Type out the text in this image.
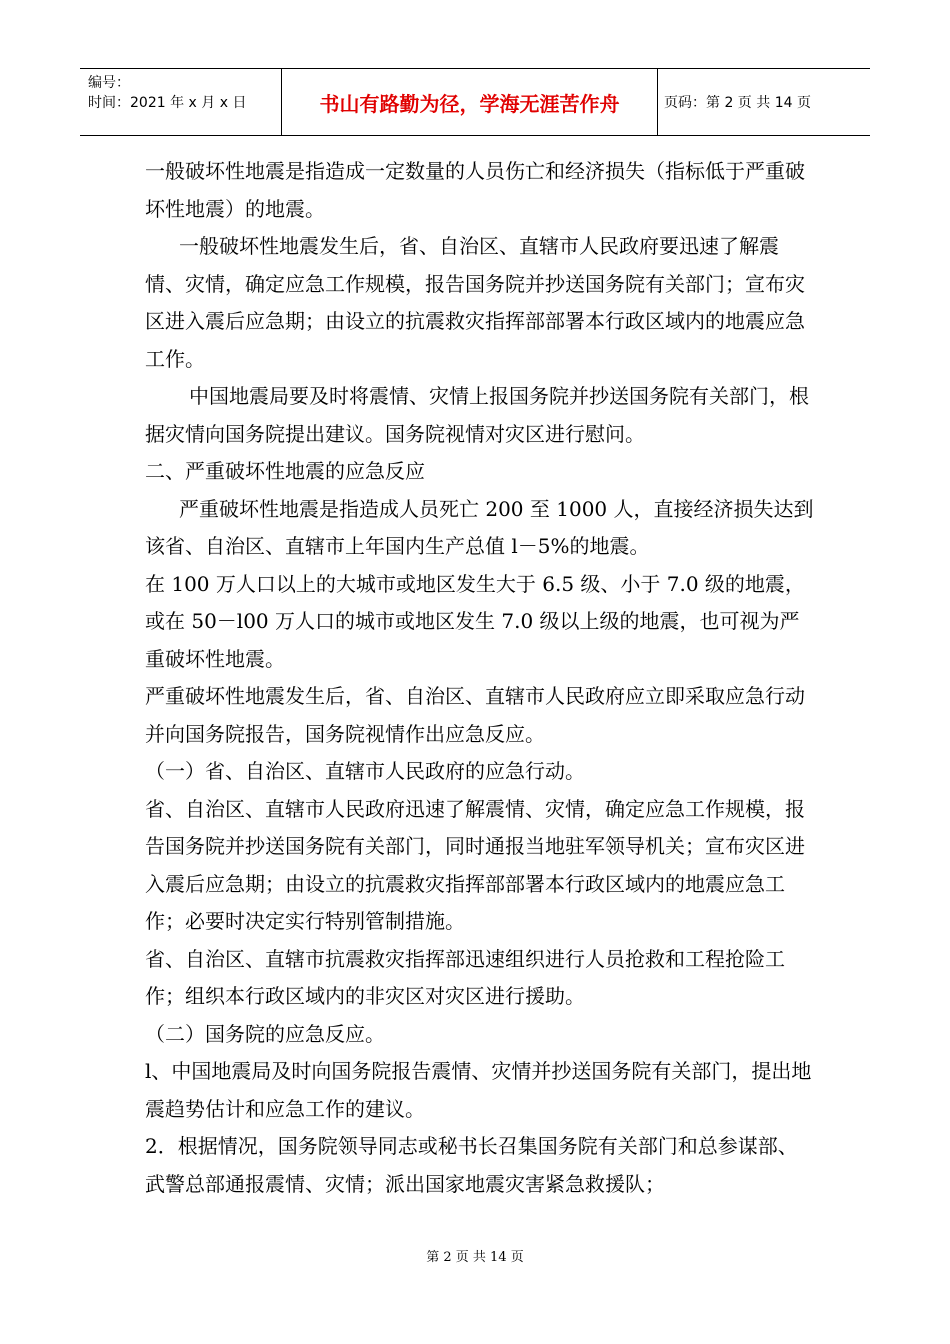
编号：
时间：2021 年 x 月 x 日	书山有路勤为径，学海无涯苦作舟	页码：第 2 页 共 14 页

一般破坏性地震是指造成一定数量的人员伤亡和经济损失（指标低于严重破坏性地震）的地震。

一般破坏性地震发生后，省、自治区、直辖市人民政府要迅速了解震情、灾情，确定应急工作规模，报告国务院并抄送国务院有关部门；宣布灾区进入震后应急期；由设立的抗震救灾指挥部部署本行政区域内的地震应急工作。

中国地震局要及时将震情、灾情上报国务院并抄送国务院有关部门，根据灾情向国务院提出建议。国务院视情对灾区进行慰问。

二、严重破坏性地震的应急反应

严重破坏性地震是指造成人员死亡 200 至 1000 人，直接经济损失达到该省、自治区、直辖市上年国内生产总值 l－5%的地震。

在 100 万人口以上的大城市或地区发生大于 6.5 级、小于 7.0 级的地震，或在 50－l00 万人口的城市或地区发生 7.0 级以上级的地震，也可视为严重破坏性地震。

严重破坏性地震发生后，省、自治区、直辖市人民政府应立即采取应急行动并向国务院报告，国务院视情作出应急反应。

（一）省、自治区、直辖市人民政府的应急行动。

省、自治区、直辖市人民政府迅速了解震情、灾情，确定应急工作规模，报告国务院并抄送国务院有关部门，同时通报当地驻军领导机关；宣布灾区进入震后应急期；由设立的抗震救灾指挥部部署本行政区域内的地震应急工作；必要时决定实行特别管制措施。

省、自治区、直辖市抗震救灾指挥部迅速组织进行人员抢救和工程抢险工作；组织本行政区域内的非灾区对灾区进行援助。

（二）国务院的应急反应。

l、中国地震局及时向国务院报告震情、灾情并抄送国务院有关部门，提出地震趋势估计和应急工作的建议。

2．根据情况，国务院领导同志或秘书长召集国务院有关部门和总参谋部、武警总部通报震情、灾情；派出国家地震灾害紧急救援队；

第 2 页 共 14 页
